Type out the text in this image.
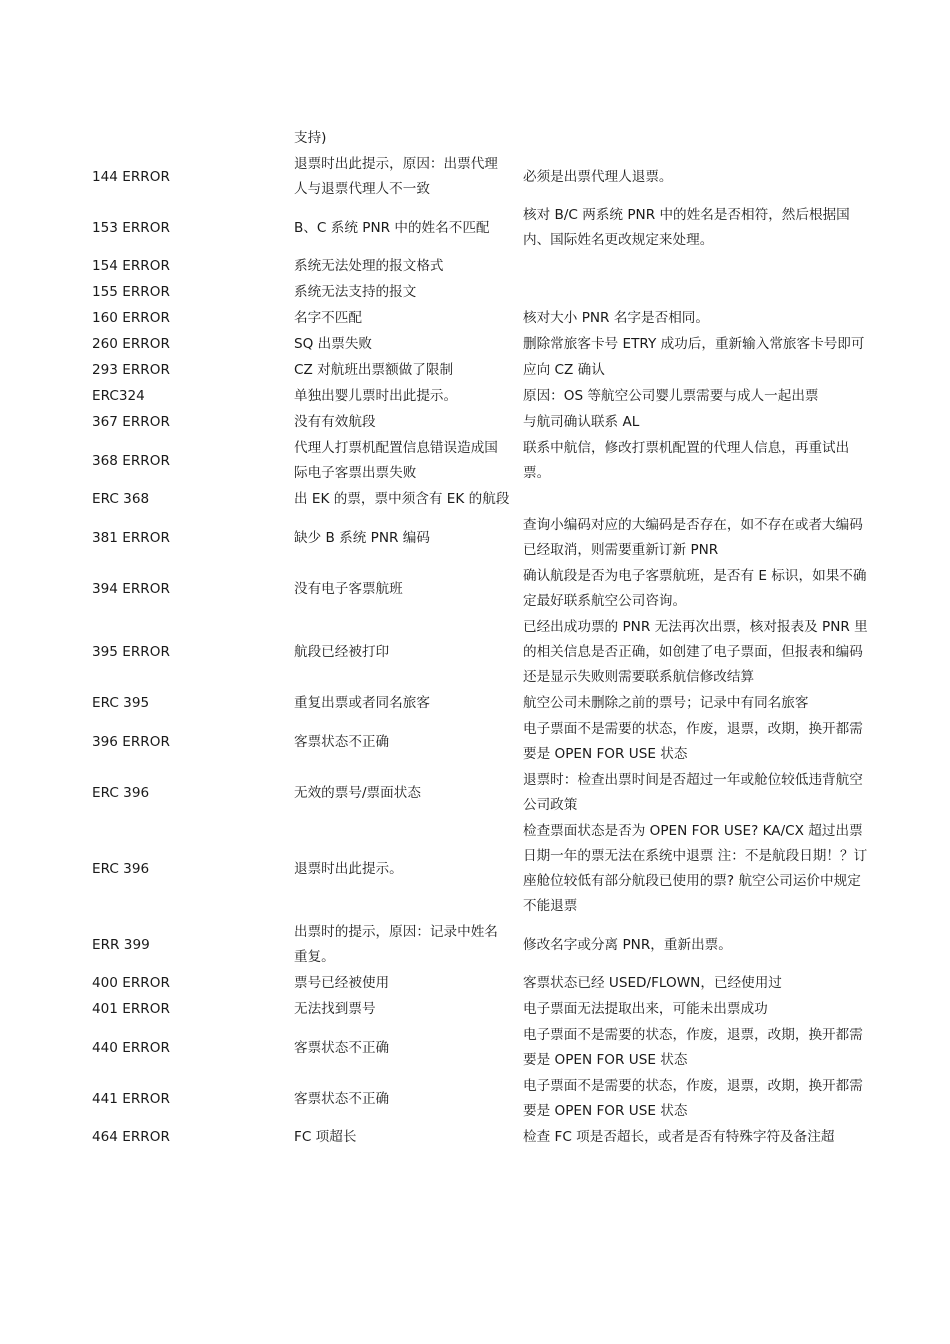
	支持)	
144 ERROR	退票时出此提示，原因：出票代理人与退票代理人不一致	必须是出票代理人退票。
153 ERROR	B、C 系统 PNR 中的姓名不匹配	核对 B/C 两系统 PNR 中的姓名是否相符，然后根据国内、国际姓名更改规定来处理。
154 ERROR	系统无法处理的报文格式	
155 ERROR	系统无法支持的报文	
160 ERROR	名字不匹配	核对大小 PNR 名字是否相同。
260 ERROR	SQ 出票失败	删除常旅客卡号 ETRY 成功后，重新输入常旅客卡号即可
293 ERROR	CZ 对航班出票额做了限制	应向 CZ 确认
ERC324	单独出婴儿票时出此提示。	原因：OS 等航空公司婴儿票需要与成人一起出票
367 ERROR	没有有效航段	与航司确认联系 AL
368 ERROR	代理人打票机配置信息错误造成国际电子客票出票失败	联系中航信，修改打票机配置的代理人信息，再重试出票。
ERC 368	出 EK 的票，票中须含有 EK 的航段	
381 ERROR	缺少 B 系统 PNR 编码	查询小编码对应的大编码是否存在，如不存在或者大编码已经取消，则需要重新订新 PNR
394 ERROR	没有电子客票航班	确认航段是否为电子客票航班，是否有 E 标识，如果不确定最好联系航空公司咨询。
395 ERROR	航段已经被打印	已经出成功票的 PNR 无法再次出票，核对报表及 PNR 里的相关信息是否正确，如创建了电子票面，但报表和编码还是显示失败则需要联系航信修改结算
ERC 395	重复出票或者同名旅客	航空公司未删除之前的票号；记录中有同名旅客
396 ERROR	客票状态不正确	电子票面不是需要的状态，作废，退票，改期，换开都需要是 OPEN FOR USE 状态
ERC 396	无效的票号/票面状态	退票时：检查出票时间是否超过一年或舱位较低违背航空公司政策
ERC 396	退票时出此提示。	检查票面状态是否为 OPEN FOR USE? KA/CX 超过出票日期一年的票无法在系统中退票 注：不是航段日期！？订座舱位较低有部分航段已使用的票? 航空公司运价中规定不能退票
ERR 399	出票时的提示，原因：记录中姓名重复。	修改名字或分离 PNR，重新出票。
400 ERROR	票号已经被使用	客票状态已经 USED/FLOWN，已经使用过
401 ERROR	无法找到票号	电子票面无法提取出来，可能未出票成功
440 ERROR	客票状态不正确	电子票面不是需要的状态，作废，退票，改期，换开都需要是 OPEN FOR USE 状态
441 ERROR	客票状态不正确	电子票面不是需要的状态，作废，退票，改期，换开都需要是 OPEN FOR USE 状态
464 ERROR	FC 项超长	检查 FC 项是否超长，或者是否有特殊字符及备注超
